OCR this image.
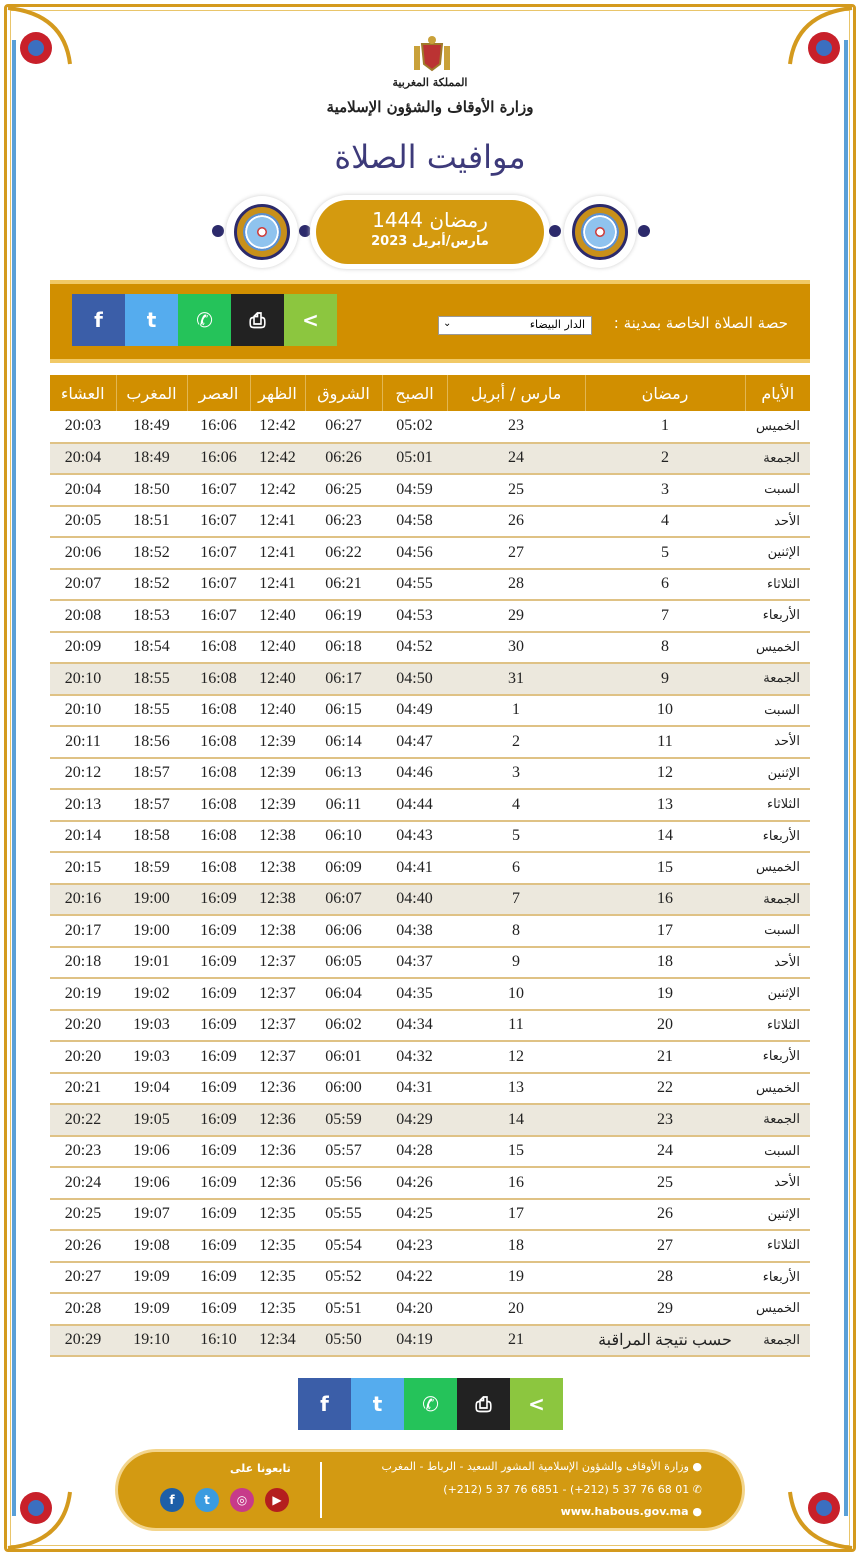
المملكة المغربية
وزارة الأوقاف والشؤون الإسلامية
موافيت الصلاة
رمضان 1444
مارس/أبريل 2023
f	t	✆	⎙	<	حصة الصلاة الخاصة بمدينة :
الدار البيضاء
⌄
الأيام	رمضان	مارس / أبريل	الصبح	الشروق	الظهر	العصر	المغرب	العشاء
الخميس	1	23	05:02	06:27	12:42	16:06	18:49	20:03
الجمعة	2	24	05:01	06:26	12:42	16:06	18:49	20:04
السبت	3	25	04:59	06:25	12:42	16:07	18:50	20:04
الأحد	4	26	04:58	06:23	12:41	16:07	18:51	20:05
الإثنين	5	27	04:56	06:22	12:41	16:07	18:52	20:06
الثلاثاء	6	28	04:55	06:21	12:41	16:07	18:52	20:07
الأربعاء	7	29	04:53	06:19	12:40	16:07	18:53	20:08
الخميس	8	30	04:52	06:18	12:40	16:08	18:54	20:09
الجمعة	9	31	04:50	06:17	12:40	16:08	18:55	20:10
السبت	10	1	04:49	06:15	12:40	16:08	18:55	20:10
الأحد	11	2	04:47	06:14	12:39	16:08	18:56	20:11
الإثنين	12	3	04:46	06:13	12:39	16:08	18:57	20:12
الثلاثاء	13	4	04:44	06:11	12:39	16:08	18:57	20:13
الأربعاء	14	5	04:43	06:10	12:38	16:08	18:58	20:14
الخميس	15	6	04:41	06:09	12:38	16:08	18:59	20:15
الجمعة	16	7	04:40	06:07	12:38	16:09	19:00	20:16
السبت	17	8	04:38	06:06	12:38	16:09	19:00	20:17
الأحد	18	9	04:37	06:05	12:37	16:09	19:01	20:18
الإثنين	19	10	04:35	06:04	12:37	16:09	19:02	20:19
الثلاثاء	20	11	04:34	06:02	12:37	16:09	19:03	20:20
الأربعاء	21	12	04:32	06:01	12:37	16:09	19:03	20:20
الخميس	22	13	04:31	06:00	12:36	16:09	19:04	20:21
الجمعة	23	14	04:29	05:59	12:36	16:09	19:05	20:22
السبت	24	15	04:28	05:57	12:36	16:09	19:06	20:23
الأحد	25	16	04:26	05:56	12:36	16:09	19:06	20:24
الإثنين	26	17	04:25	05:55	12:35	16:09	19:07	20:25
الثلاثاء	27	18	04:23	05:54	12:35	16:09	19:08	20:26
الأربعاء	28	19	04:22	05:52	12:35	16:09	19:09	20:27
الخميس	29	20	04:20	05:51	12:35	16:09	19:09	20:28
الجمعة	حسب نتيجة المراقبة	21	04:19	05:50	12:34	16:10	19:10	20:29
f	t	✆	⎙	<
● وزارة الأوقاف والشؤون الإسلامية المشور السعيد - الرباط - المغرب
(+212) 5 37 76 6851 - (+212) 5 37 76 68 01 ✆
www.habous.gov.ma ●
تابعونا على
f	t	◎	▶
